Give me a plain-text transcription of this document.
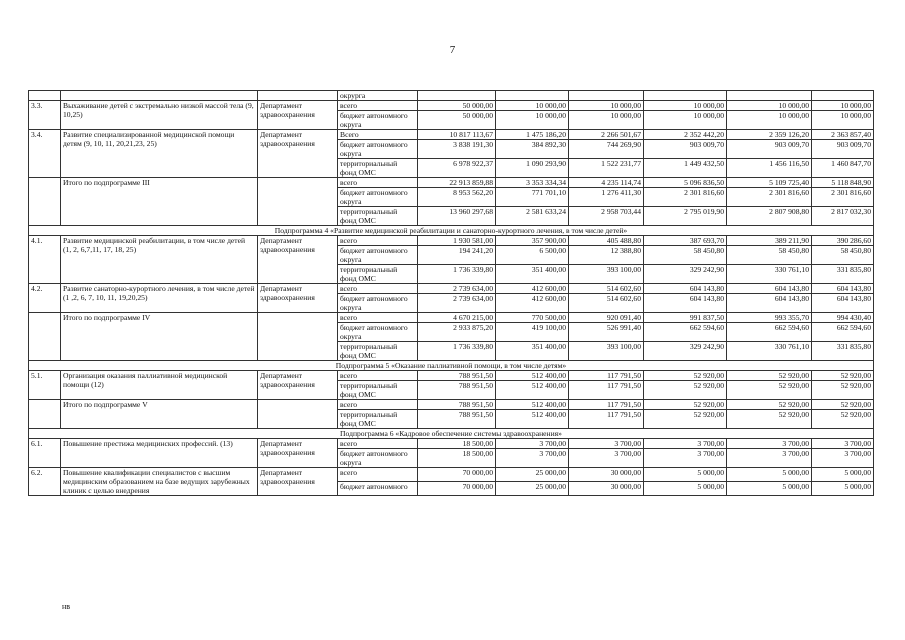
7
			окруpга	

3.3.	Выхаживание детей с экстремально низкой массой тела (9, 10,25)	Департамент здравоохранения	всего	50 000,00	10 000,00	10 000,00	10 000,00	10 000,00	10 000,00

			бюджет автономного округа	50 000,00	10 000,00	10 000,00	10 000,00	10 000,00	10 000,00

3.4.	Развитие специализированной медицинской помощи детям (9, 10, 11, 20,21,23, 25)	Департамент здравоохранения	Всего	10 817 113,67	1 475 186,20	2 266 501,67	2 352 442,20	2 359 126,20	2 363 857,40

			бюджет автономного округа	3 838 191,30	384 892,30	744 269,90	903 009,70	903 009,70	903 009,70

			территориальный фонд ОМС	6 978 922,37	1 090 293,90	1 522 231,77	1 449 432,50	1 456 116,50	1 460 847,70

	Итого по подпрограмме III		всего	22 913 859,88	3 353 334,34	4 235 114,74	5 096 836,50	5 109 725,40	5 118 848,90

			бюджет автономного округа	8 953 562,20	771 701,10	1 276 411,30	2 301 816,60	2 301 816,60	2 301 816,60

			территориальный фонд ОМС	13 960 297,68	2 581 633,24	2 958 703,44	2 795 019,90	2 807 908,80	2 817 032,30

Подпрограмма 4 «Развитие медицинской реабилитации и санаторно-курортного лечения, в том числе детей»									
4.1.	Развитие медицинской реабилитации, в том числе детей (1, 2, 6,7,11, 17, 18, 25)	Департамент здравоохранения	всего	1 930 581,00	357 900,00	405 488,80	387 693,70	389 211,90	390 286,60

			бюджет автономного округа	194 241,20	6 500,00	12 388,80	58 450,80	58 450,80	58 450,80

			территориальный фонд ОМС	1 736 339,80	351 400,00	393 100,00	329 242,90	330 761,10	331 835,80

4.2.	Развитие санаторно-курортного лечения, в том числе детей (1 ,2, 6, 7, 10, 11, 19,20,25)	Департамент здравоохранения	всего	2 739 634,00	412 600,00	514 602,60	604 143,80	604 143,80	604 143,80

			бюджет автономного округа	2 739 634,00	412 600,00	514 602,60	604 143,80	604 143,80	604 143,80

	Итого по подпрограмме IV		всего	4 670 215,00	770 500,00	920 091,40	991 837,50	993 355,70	994 430,40

			бюджет автономного округа	2 933 875,20	419 100,00	526 991,40	662 594,60	662 594,60	662 594,60

			территориальный фонд ОМС	1 736 339,80	351 400,00	393 100,00	329 242,90	330 761,10	331 835,80

Подпрограмма 5 «Оказание паллиативной помощи, в том числе детям»									
5.1.	Организация оказания паллиативной медицинской помощи (12)	Департамент здравоохранения	всего	788 951,50	512 400,00	117 791,50	52 920,00	52 920,00	52 920,00

			территориальный фонд ОМС	788 951,50	512 400,00	117 791,50	52 920,00	52 920,00	52 920,00

	Итого по подпрограмме V		всего	788 951,50	512 400,00	117 791,50	52 920,00	52 920,00	52 920,00

			территориальный фонд ОМС	788 951,50	512 400,00	117 791,50	52 920,00	52 920,00	52 920,00

Подпрограмма 6 «Кадровое обеспечение системы здравоохранения»									
6.1.	Повышение престижа медицинских профессий. (13)	Департамент здравоохранения	всего	18 500,00	3 700,00	3 700,00	3 700,00	3 700,00	3 700,00

			бюджет автономного округа	18 500,00	3 700,00	3 700,00	3 700,00	3 700,00	3 700,00

6.2.	Повышение квалификации специалистов с высшим медицинским образованием на базе ведущих зарубежных клиник с целью внедрения	Департамент здравоохранения	всего	70 000,00	25 000,00	30 000,00	5 000,00	5 000,00	5 000,00

			бюджет автономного	70 000,00	25 000,00	30 000,00	5 000,00	5 000,00	5 000,00
нв
